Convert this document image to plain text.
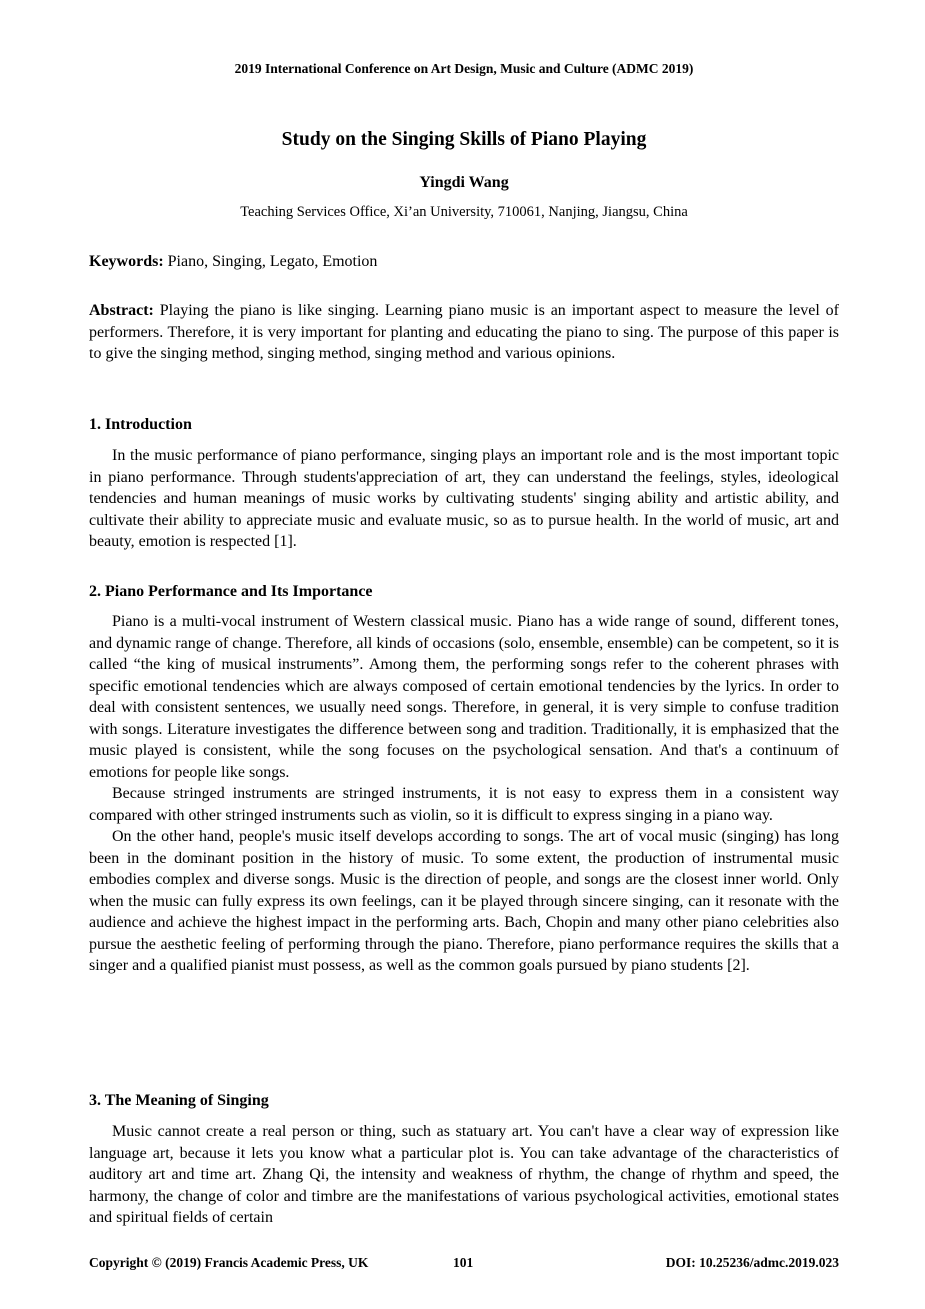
2019 International Conference on Art Design, Music and Culture (ADMC 2019)
Study on the Singing Skills of Piano Playing
Yingdi Wang
Teaching Services Office, Xi’an University, 710061, Nanjing, Jiangsu, China

Keywords: Piano, Singing, Legato, Emotion

Abstract: Playing the piano is like singing. Learning piano music is an important aspect to measure the level of performers. Therefore, it is very important for planting and educating the piano to sing. The purpose of this paper is to give the singing method, singing method, singing method and various opinions.

1. Introduction

In the music performance of piano performance, singing plays an important role and is the most important topic in piano performance. Through students'appreciation of art, they can understand the feelings, styles, ideological tendencies and human meanings of music works by cultivating students' singing ability and artistic ability, and cultivate their ability to appreciate music and evaluate music, so as to pursue health. In the world of music, art and beauty, emotion is respected [1].

2. Piano Performance and Its Importance

Piano is a multi-vocal instrument of Western classical music. Piano has a wide range of sound, different tones, and dynamic range of change. Therefore, all kinds of occasions (solo, ensemble, ensemble) can be competent, so it is called “the king of musical instruments”. Among them, the performing songs refer to the coherent phrases with specific emotional tendencies which are always composed of certain emotional tendencies by the lyrics. In order to deal with consistent sentences, we usually need songs. Therefore, in general, it is very simple to confuse tradition with songs. Literature investigates the difference between song and tradition. Traditionally, it is emphasized that the music played is consistent, while the song focuses on the psychological sensation. And that's a continuum of emotions for people like songs.

Because stringed instruments are stringed instruments, it is not easy to express them in a consistent way compared with other stringed instruments such as violin, so it is difficult to express singing in a piano way.

On the other hand, people's music itself develops according to songs. The art of vocal music (singing) has long been in the dominant position in the history of music. To some extent, the production of instrumental music embodies complex and diverse songs. Music is the direction of people, and songs are the closest inner world. Only when the music can fully express its own feelings, can it be played through sincere singing, can it resonate with the audience and achieve the highest impact in the performing arts. Bach, Chopin and many other piano celebrities also pursue the aesthetic feeling of performing through the piano. Therefore, piano performance requires the skills that a singer and a qualified pianist must possess, as well as the common goals pursued by piano students [2].

3. The Meaning of Singing

Music cannot create a real person or thing, such as statuary art. You can't have a clear way of expression like language art, because it lets you know what a particular plot is. You can take advantage of the characteristics of auditory art and time art. Zhang Qi, the intensity and weakness of rhythm, the change of rhythm and speed, the harmony, the change of color and timbre are the manifestations of various psychological activities, emotional states and spiritual fields of certain

Copyright © (2019) Francis Academic Press, UK	101	DOI: 10.25236/admc.2019.023
